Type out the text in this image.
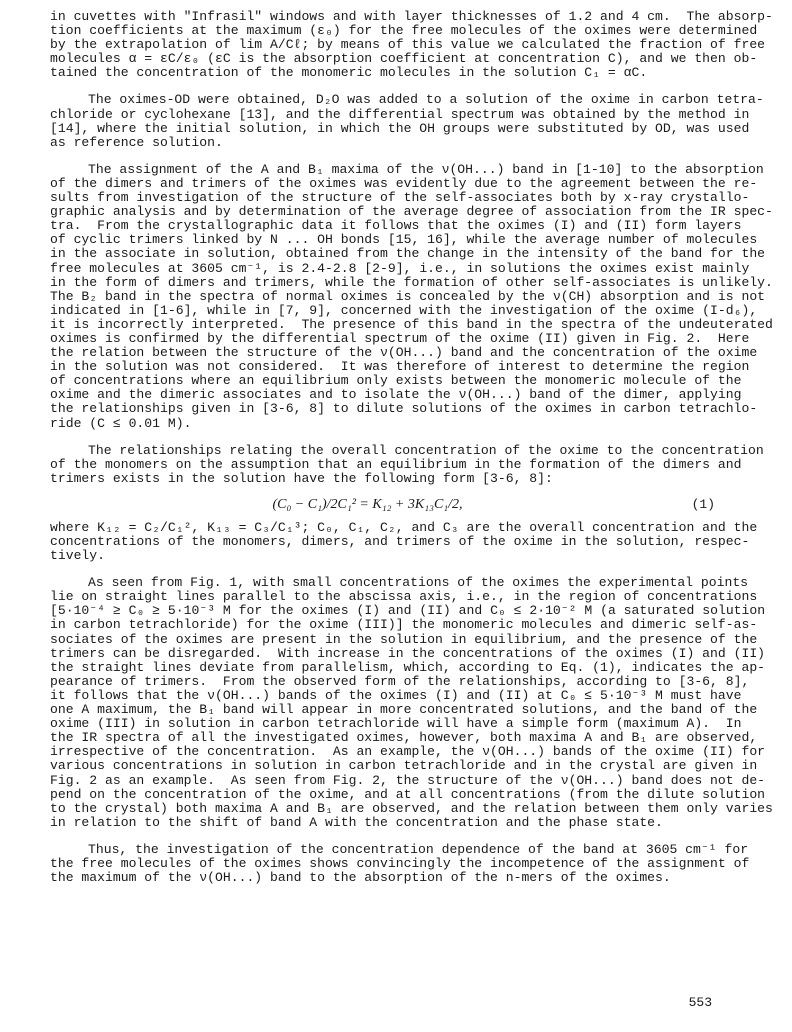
in cuvettes with "Infrasil" windows and with layer thicknesses of 1.2 and 4 cm.  The absorp-
tion coefficients at the maximum (ε₀) for the free molecules of the oximes were determined
by the extrapolation of lim A/Cℓ; by means of this value we calculated the fraction of free
molecules α = εC/ε₀ (εC is the absorption coefficient at concentration C), and we then ob-
tained the concentration of the monomeric molecules in the solution C₁ = αC.
The oximes-OD were obtained, D₂O was added to a solution of the oxime in carbon tetra-
chloride or cyclohexane [13], and the differential spectrum was obtained by the method in
[14], where the initial solution, in which the OH groups were substituted by OD, was used
as reference solution.
The assignment of the A and B₁ maxima of the ν(OH...) band in [1-10] to the absorption
of the dimers and trimers of the oximes was evidently due to the agreement between the re-
sults from investigation of the structure of the self-associates both by x-ray crystallo-
graphic analysis and by determination of the average degree of association from the IR spec-
tra.  From the crystallographic data it follows that the oximes (I) and (II) form layers
of cyclic trimers linked by N ... OH bonds [15, 16], while the average number of molecules
in the associate in solution, obtained from the change in the intensity of the band for the
free molecules at 3605 cm⁻¹, is 2.4-2.8 [2-9], i.e., in solutions the oximes exist mainly
in the form of dimers and trimers, while the formation of other self-associates is unlikely.
The B₂ band in the spectra of normal oximes is concealed by the ν(CH) absorption and is not
indicated in [1-6], while in [7, 9], concerned with the investigation of the oxime (I-d₆),
it is incorrectly interpreted.  The presence of this band in the spectra of the undeuterated
oximes is confirmed by the differential spectrum of the oxime (II) given in Fig. 2.  Here
the relation between the structure of the ν(OH...) band and the concentration of the oxime
in the solution was not considered.  It was therefore of interest to determine the region
of concentrations where an equilibrium only exists between the monomeric molecule of the
oxime and the dimeric associates and to isolate the ν(OH...) band of the dimer, applying
the relationships given in [3-6, 8] to dilute solutions of the oximes in carbon tetrachlo-
ride (C ≤ 0.01 M).
The relationships relating the overall concentration of the oxime to the concentration
of the monomers on the assumption that an equilibrium in the formation of the dimers and
trimers exists in the solution have the following form [3-6, 8]:
(C₀ − C₁)/2C₁² = K₁₂ + 3K₁₃C₁/2,	(1)
where K₁₂ = C₂/C₁², K₁₃ = C₃/C₁³; C₀, C₁, C₂, and C₃ are the overall concentration and the
concentrations of the monomers, dimers, and trimers of the oxime in the solution, respec-
tively.
As seen from Fig. 1, with small concentrations of the oximes the experimental points
lie on straight lines parallel to the abscissa axis, i.e., in the region of concentrations
[5·10⁻⁴ ≥ C₀ ≥ 5·10⁻³ M for the oximes (I) and (II) and C₀ ≤ 2·10⁻² M (a saturated solution
in carbon tetrachloride) for the oxime (III)] the monomeric molecules and dimeric self-as-
sociates of the oximes are present in the solution in equilibrium, and the presence of the
trimers can be disregarded.  With increase in the concentrations of the oximes (I) and (II)
the straight lines deviate from parallelism, which, according to Eq. (1), indicates the ap-
pearance of trimers.  From the observed form of the relationships, according to [3-6, 8],
it follows that the ν(OH...) bands of the oximes (I) and (II) at C₀ ≤ 5·10⁻³ M must have
one A maximum, the B₁ band will appear in more concentrated solutions, and the band of the
oxime (III) in solution in carbon tetrachloride will have a simple form (maximum A).  In
the IR spectra of all the investigated oximes, however, both maxima A and B₁ are observed,
irrespective of the concentration.  As an example, the ν(OH...) bands of the oxime (II) for
various concentrations in solution in carbon tetrachloride and in the crystal are given in
Fig. 2 as an example.  As seen from Fig. 2, the structure of the ν(OH...) band does not de-
pend on the concentration of the oxime, and at all concentrations (from the dilute solution
to the crystal) both maxima A and B₁ are observed, and the relation between them only varies
in relation to the shift of band A with the concentration and the phase state.
Thus, the investigation of the concentration dependence of the band at 3605 cm⁻¹ for
the free molecules of the oximes shows convincingly the incompetence of the assignment of
the maximum of the ν(OH...) band to the absorption of the n-mers of the oximes.
553
